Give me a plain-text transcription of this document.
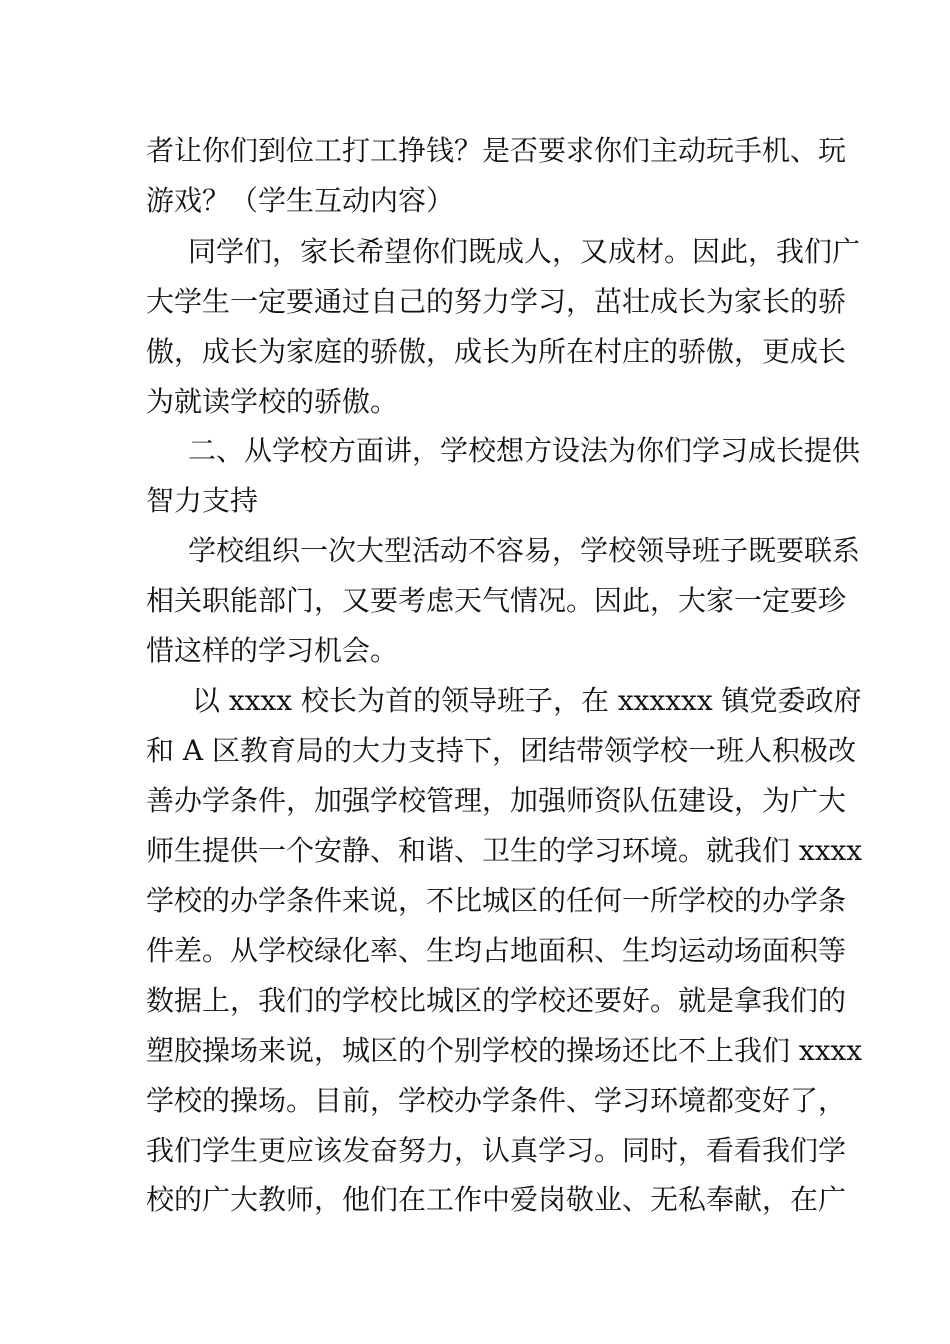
者让你们到位工打工挣钱？是否要求你们主动玩手机、玩
游戏？（学生互动内容）
同学们，家长希望你们既成人，又成材。因此，我们广
大学生一定要通过自己的努力学习，茁壮成长为家长的骄
傲，成长为家庭的骄傲，成长为所在村庄的骄傲，更成长
为就读学校的骄傲。
二、从学校方面讲，学校想方设法为你们学习成长提供
智力支持
学校组织一次大型活动不容易，学校领导班子既要联系
相关职能部门，又要考虑天气情况。因此，大家一定要珍
惜这样的学习机会。
以 xxxx 校长为首的领导班子，在 xxxxxx 镇党委政府
和 A 区教育局的大力支持下，团结带领学校一班人积极改
善办学条件，加强学校管理，加强师资队伍建设，为广大
师生提供一个安静、和谐、卫生的学习环境。就我们 xxxx
学校的办学条件来说，不比城区的任何一所学校的办学条
件差。从学校绿化率、生均占地面积、生均运动场面积等
数据上，我们的学校比城区的学校还要好。就是拿我们的
塑胶操场来说，城区的个别学校的操场还比不上我们 xxxx
学校的操场。目前，学校办学条件、学习环境都变好了，
我们学生更应该发奋努力，认真学习。同时，看看我们学
校的广大教师，他们在工作中爱岗敬业、无私奉献，在广
